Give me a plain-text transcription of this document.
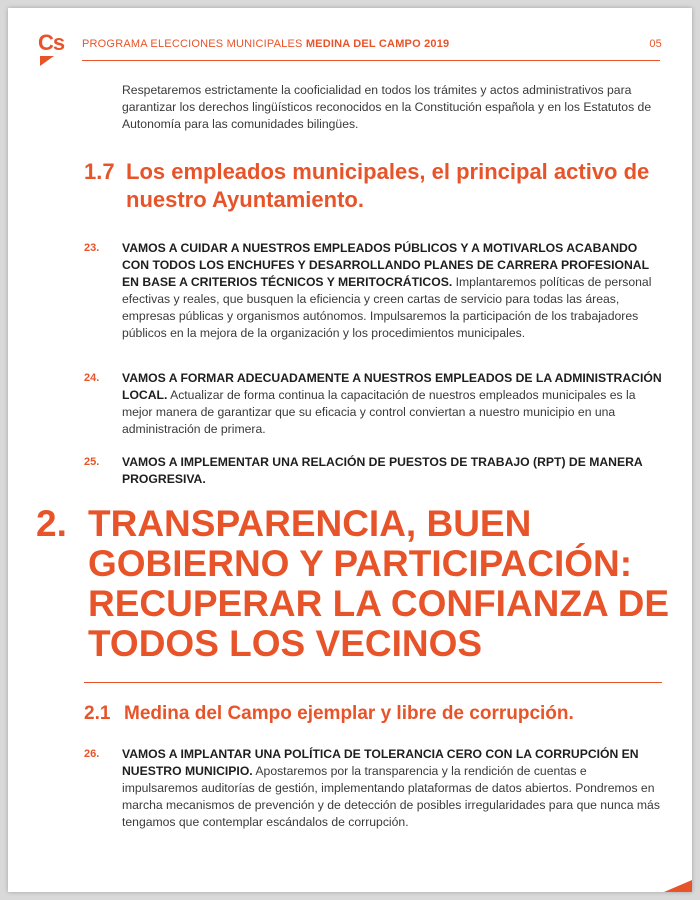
Cs	PROGRAMA ELECCIONES MUNICIPALES MEDINA DEL CAMPO 2019	05
Respetaremos estrictamente la cooficialidad en todos los trámites y actos administrativos para garantizar los derechos lingüísticos reconocidos en la Constitución española y en los Estatutos de Autonomía para las comunidades bilingües.
1.7 Los empleados municipales, el principal activo de nuestro Ayuntamiento.
23. VAMOS A CUIDAR A NUESTROS EMPLEADOS PÚBLICOS Y A MOTIVARLOS ACABANDO CON TODOS LOS ENCHUFES Y DESARROLLANDO PLANES DE CARRERA PROFESIONAL EN BASE A CRITERIOS TÉCNICOS Y MERITOCRÁTICOS. Implantaremos políticas de personal efectivas y reales, que busquen la eficiencia y creen cartas de servicio para todas las áreas, empresas públicas y organismos autónomos. Impulsaremos la participación de los trabajadores públicos en la mejora de la organización y los procedimientos municipales.
24. VAMOS A FORMAR ADECUADAMENTE A NUESTROS EMPLEADOS DE LA ADMINISTRACIÓN LOCAL. Actualizar de forma continua la capacitación de nuestros empleados municipales es la mejor manera de garantizar que su eficacia y control conviertan a nuestro municipio en una administración de primera.
25. VAMOS A IMPLEMENTAR UNA RELACIÓN DE PUESTOS DE TRABAJO (RPT) DE MANERA PROGRESIVA.
2. TRANSPARENCIA, BUEN GOBIERNO Y PARTICIPACIÓN: RECUPERAR LA CONFIANZA DE TODOS LOS VECINOS
2.1 Medina del Campo ejemplar y libre de corrupción.
26. VAMOS A IMPLANTAR UNA POLÍTICA DE TOLERANCIA CERO CON LA CORRUPCIÓN EN NUESTRO MUNICIPIO. Apostaremos por la transparencia y la rendición de cuentas e impulsaremos auditorías de gestión, implementando plataformas de datos abiertos. Pondremos en marcha mecanismos de prevención y de detección de posibles irregularidades para que nunca más tengamos que contemplar escándalos de corrupción.
